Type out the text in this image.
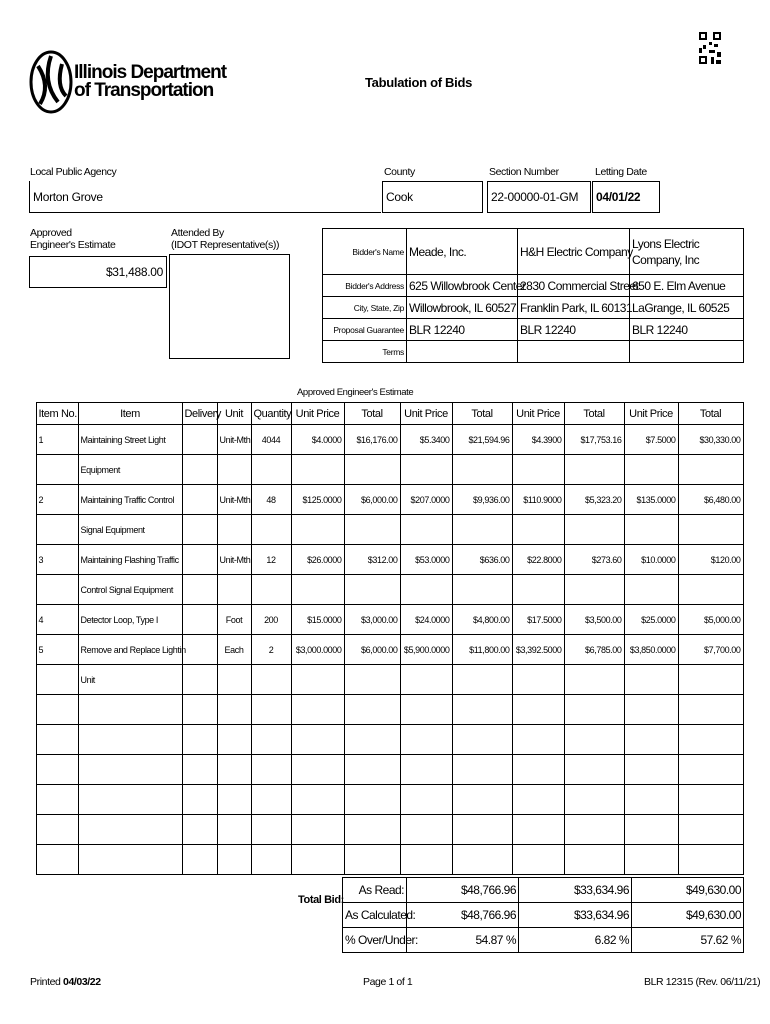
Illinois Department
of Transportation	Tabulation of Bids
Local Public Agency
Morton Grove
County
Cook
Section Number
22-00000-01-GM
Letting Date
04/01/22
Approved
Engineer's Estimate
$31,488.00
Attended By
(IDOT Representative(s))
Bidder's Name	Meade, Inc.	H&H Electric Company	Lyons Electric Company, Inc
Bidder's Address	625 Willowbrook Center	2830 Commercial Street	650 E. Elm Avenue
City, State, Zip	Willowbrook, IL 60527	Franklin Park, IL 60131	LaGrange, IL 60525
Proposal Guarantee	BLR 12240	BLR 12240	BLR 12240
Terms			
Approved Engineer's Estimate
	Item No.	Item	Delivery	Unit	Quantity	Unit Price	Total	Unit Price	Total	Unit Price	Total	Unit Price	Total
	1	Maintaining Street Light		Unit-Mth	4044	$4.0000	$16,176.00	$5.3400	$21,594.96	$4.3900	$17,753.16	$7.5000	$30,330.00
		Equipment											
	2	Maintaining Traffic Control		Unit-Mth	48	$125.0000	$6,000.00	$207.0000	$9,936.00	$110.9000	$5,323.20	$135.0000	$6,480.00
		Signal Equipment											
	3	Maintaining Flashing Traffic		Unit-Mth	12	$26.0000	$312.00	$53.0000	$636.00	$22.8000	$273.60	$10.0000	$120.00
		Control Signal Equipment											
	4	Detector Loop, Type I		Foot	200	$15.0000	$3,000.00	$24.0000	$4,800.00	$17.5000	$3,500.00	$25.0000	$5,000.00
	5	Remove and Replace Lightin		Each	2	$3,000.0000	$6,000.00	$5,900.0000	$11,800.00	$3,392.5000	$6,785.00	$3,850.0000	$7,700.00
		Unit											

Total Bid:
As Read:	$48,766.96	$33,634.96	$49,630.00
As Calculated:	$48,766.96	$33,634.96	$49,630.00
% Over/Under:	54.87 %	6.82 %	57.62 %
Printed 04/03/22	Page 1 of 1	BLR 12315 (Rev. 06/11/21)
